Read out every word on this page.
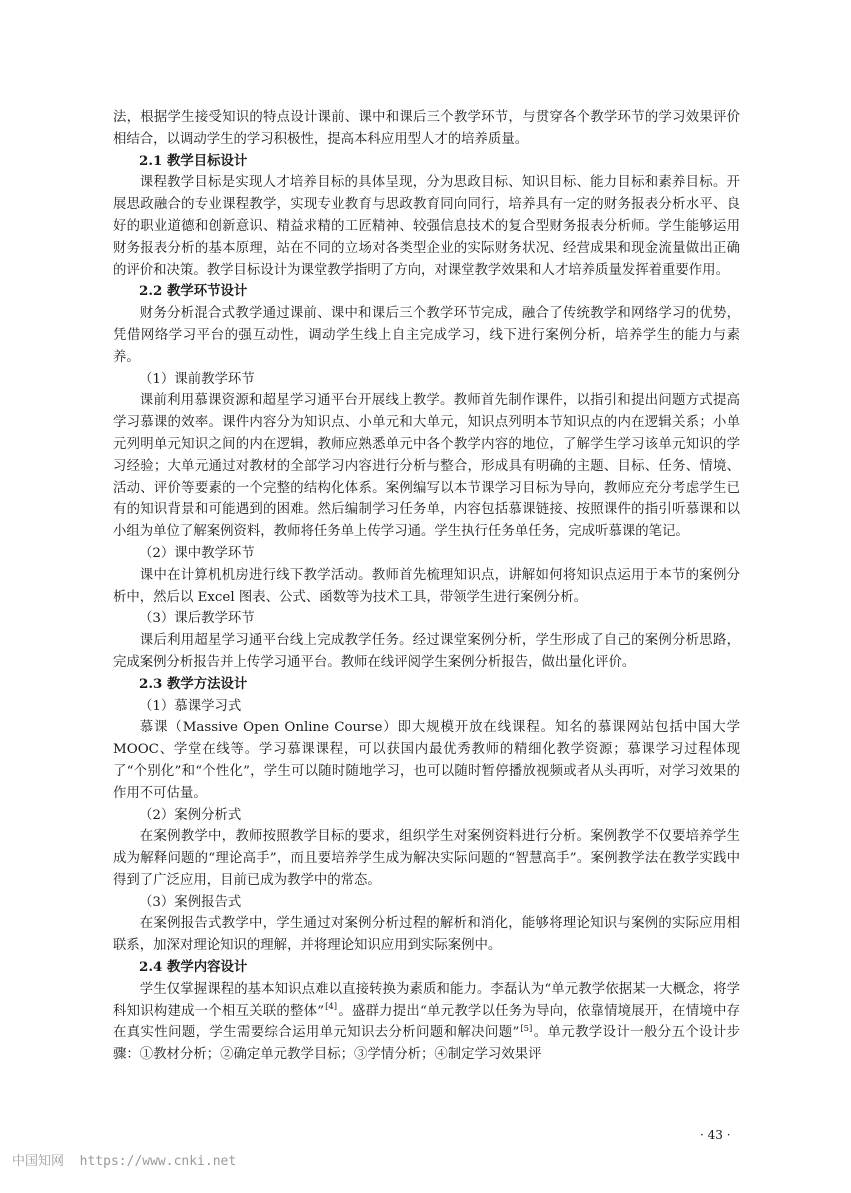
法，根据学生接受知识的特点设计课前、课中和课后三个教学环节，与贯穿各个教学环节的学习效果评价相结合，以调动学生的学习积极性，提高本科应用型人才的培养质量。

2.1 教学目标设计

课程教学目标是实现人才培养目标的具体呈现，分为思政目标、知识目标、能力目标和素养目标。开展思政融合的专业课程教学，实现专业教育与思政教育同向同行，培养具有一定的财务报表分析水平、良好的职业道德和创新意识、精益求精的工匠精神、较强信息技术的复合型财务报表分析师。学生能够运用财务报表分析的基本原理，站在不同的立场对各类型企业的实际财务状况、经营成果和现金流量做出正确的评价和决策。教学目标设计为课堂教学指明了方向，对课堂教学效果和人才培养质量发挥着重要作用。

2.2 教学环节设计

财务分析混合式教学通过课前、课中和课后三个教学环节完成，融合了传统教学和网络学习的优势，凭借网络学习平台的强互动性，调动学生线上自主完成学习，线下进行案例分析，培养学生的能力与素养。

（1）课前教学环节

课前利用慕课资源和超星学习通平台开展线上教学。教师首先制作课件，以指引和提出问题方式提高学习慕课的效率。课件内容分为知识点、小单元和大单元，知识点列明本节知识点的内在逻辑关系；小单元列明单元知识之间的内在逻辑，教师应熟悉单元中各个教学内容的地位，了解学生学习该单元知识的学习经验；大单元通过对教材的全部学习内容进行分析与整合，形成具有明确的主题、目标、任务、情境、活动、评价等要素的一个完整的结构化体系。案例编写以本节课学习目标为导向，教师应充分考虑学生已有的知识背景和可能遇到的困难。然后编制学习任务单，内容包括慕课链接、按照课件的指引听慕课和以小组为单位了解案例资料，教师将任务单上传学习通。学生执行任务单任务，完成听慕课的笔记。

（2）课中教学环节

课中在计算机机房进行线下教学活动。教师首先梳理知识点，讲解如何将知识点运用于本节的案例分析中，然后以 Excel 图表、公式、函数等为技术工具，带领学生进行案例分析。

（3）课后教学环节

课后利用超星学习通平台线上完成教学任务。经过课堂案例分析，学生形成了自己的案例分析思路，完成案例分析报告并上传学习通平台。教师在线评阅学生案例分析报告，做出量化评价。

2.3 教学方法设计

（1）慕课学习式

慕课（Massive Open Online Course）即大规模开放在线课程。知名的慕课网站包括中国大学 MOOC、学堂在线等。学习慕课课程，可以获国内最优秀教师的精细化教学资源；慕课学习过程体现了“个别化”和“个性化”，学生可以随时随地学习，也可以随时暂停播放视频或者从头再听，对学习效果的作用不可估量。

（2）案例分析式

在案例教学中，教师按照教学目标的要求，组织学生对案例资料进行分析。案例教学不仅要培养学生成为解释问题的“理论高手”，而且要培养学生成为解决实际问题的“智慧高手”。案例教学法在教学实践中得到了广泛应用，目前已成为教学中的常态。

（3）案例报告式

在案例报告式教学中，学生通过对案例分析过程的解析和消化，能够将理论知识与案例的实际应用相联系，加深对理论知识的理解，并将理论知识应用到实际案例中。

2.4 教学内容设计

学生仅掌握课程的基本知识点难以直接转换为素质和能力。李磊认为“单元教学依据某一大概念，将学科知识构建成一个相互关联的整体”[4]。盛群力提出“单元教学以任务为导向，依靠情境展开，在情境中存在真实性问题，学生需要综合运用单元知识去分析问题和解决问题”[5]。单元教学设计一般分五个设计步骤：①教材分析；②确定单元教学目标；③学情分析；④制定学习效果评

· 43 ·
中国知网  https://www.cnki.net
